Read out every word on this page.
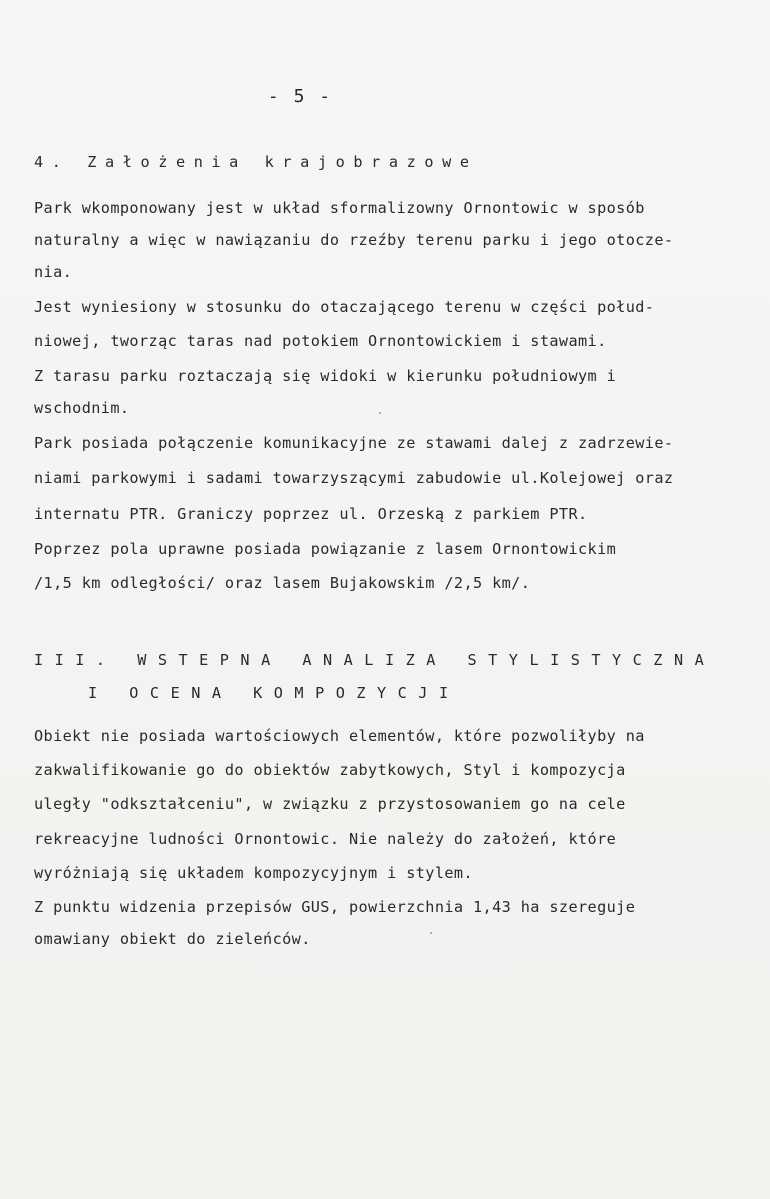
- 5 -
4. Założenia krajobrazowe
Park wkomponowany jest w układ sformalizowny Ornontowic w sposób
naturalny a więc w nawiązaniu do rzeźby terenu parku i jego otocze-
nia.
Jest wyniesiony w stosunku do otaczającego terenu w części połud-
niowej, tworząc taras nad potokiem Ornontowickiem i stawami.
Z tarasu parku roztaczają się widoki w kierunku południowym i
wschodnim.
Park posiada połączenie komunikacyjne ze stawami dalej z zadrzewie-
niami parkowymi i sadami towarzyszącymi zabudowie ul.Kolejowej oraz
internatu PTR. Graniczy poprzez ul. Orzeską z parkiem PTR.
Poprzez pola uprawne posiada powiązanie z lasem Ornontowickim
/1,5 km odległości/ oraz lasem Bujakowskim /2,5 km/.
III. WSTEPNA ANALIZA STYLISTYCZNA
I OCENA KOMPOZYCJI
Obiekt nie posiada wartościowych elementów, które pozwoliłyby na
zakwalifikowanie go do obiektów zabytkowych, Styl i kompozycja
uległy "odkształceniu", w związku z przystosowaniem go na cele
rekreacyjne ludności Ornontowic. Nie należy do założeń, które
wyróżniają się układem kompozycyjnym i stylem.
Z punktu widzenia przepisów GUS, powierzchnia 1,43 ha szereguje
omawiany obiekt do zieleńców.
